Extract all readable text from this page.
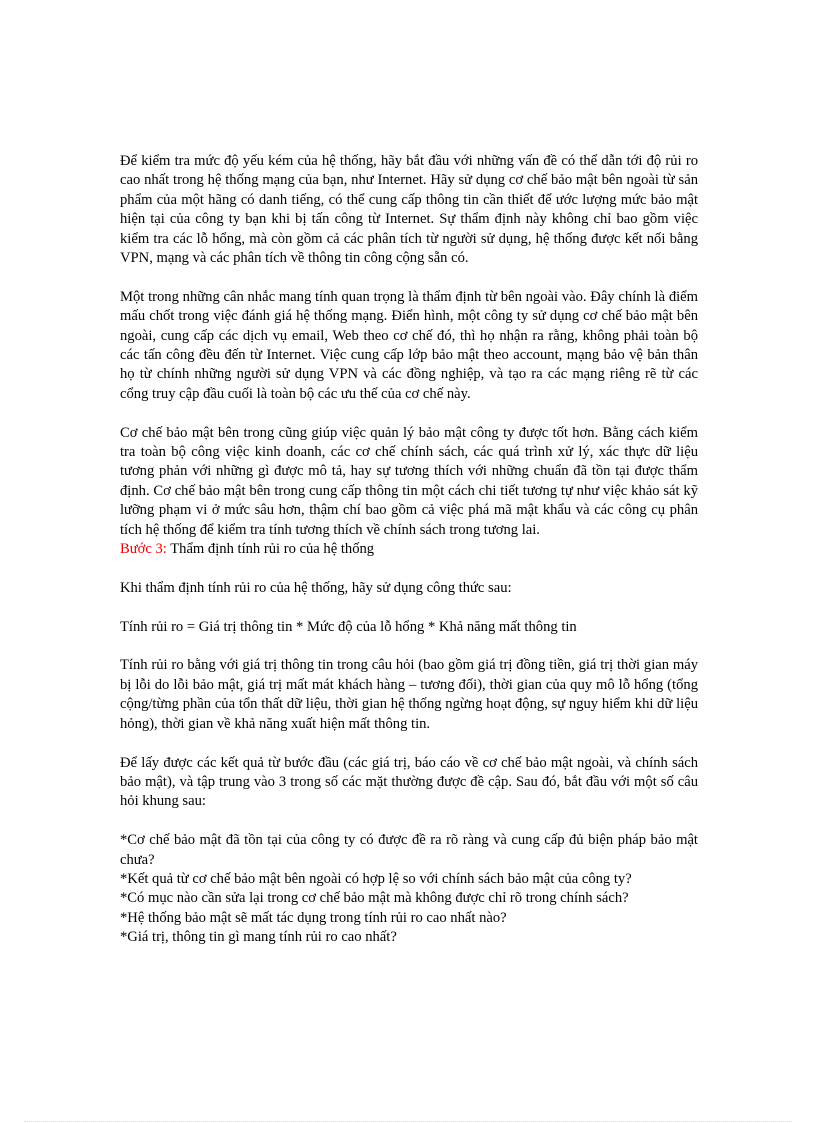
Để kiểm tra mức độ yếu kém của hệ thống, hãy bắt đầu với những vấn đề có thể dẫn tới độ rủi ro cao nhất trong hệ thống mạng của bạn, như Internet. Hãy sử dụng cơ chế bảo mật bên ngoài từ sản phẩm của một hãng có danh tiếng, có thể cung cấp thông tin cần thiết để ước lượng mức bảo mật hiện tại của công ty bạn khi bị tấn công từ Internet. Sự thẩm định này không chỉ bao gồm việc kiểm tra các lỗ hổng, mà còn gồm cả các phân tích từ người sử dụng, hệ thống được kết nối bằng VPN, mạng và các phân tích về thông tin công cộng sẵn có.

Một trong những cân nhắc mang tính quan trọng là thẩm định từ bên ngoài vào. Đây chính là điểm mấu chốt trong việc đánh giá hệ thống mạng. Điển hình, một công ty sử dụng cơ chế bảo mật bên ngoài, cung cấp các dịch vụ email, Web theo cơ chế đó, thì họ nhận ra rằng, không phải toàn bộ các tấn công đều đến từ Internet. Việc cung cấp lớp bảo mật theo account, mạng bảo vệ bản thân họ từ chính những người sử dụng VPN và các đồng nghiệp, và tạo ra các mạng riêng rẽ từ các cổng truy cập đầu cuối là toàn bộ các ưu thế của cơ chế này.

Cơ chế bảo mật bên trong cũng giúp việc quản lý bảo mật công ty được tốt hơn. Bằng cách kiểm tra toàn bộ công việc kinh doanh, các cơ chế chính sách, các quá trình xử lý, xác thực dữ liệu tương phản với những gì được mô tả, hay sự tương thích với những chuẩn đã tồn tại được thẩm định. Cơ chế bảo mật bên trong cung cấp thông tin một cách chi tiết tương tự như việc khảo sát kỹ lưỡng phạm vi ở mức sâu hơn, thậm chí bao gồm cả việc phá mã mật khẩu và các công cụ phân tích hệ thống để kiểm tra tính tương thích về chính sách trong tương lai.

Bước 3: Thẩm định tính rủi ro của hệ thống

Khi thẩm định tính rủi ro của hệ thống, hãy sử dụng công thức sau:

Tính rủi ro = Giá trị thông tin * Mức độ của lỗ hổng * Khả năng mất thông tin

Tính rủi ro bằng với giá trị thông tin trong câu hỏi (bao gồm giá trị đồng tiền, giá trị thời gian máy bị lỗi do lỗi bảo mật, giá trị mất mát khách hàng – tương đối), thời gian của quy mô lỗ hổng (tổng cộng/từng phần của tổn thất dữ liệu, thời gian hệ thống ngừng hoạt động, sự nguy hiểm khi dữ liệu hỏng), thời gian về khả năng xuất hiện mất thông tin.

Để lấy được các kết quả từ bước đầu (các giá trị, báo cáo về cơ chế bảo mật ngoài, và chính sách bảo mật), và tập trung vào 3 trong số các mặt thường được đề cập. Sau đó, bắt đầu với một số câu hỏi khung sau:

*Cơ chế bảo mật đã tồn tại của công ty có được đề ra rõ ràng và cung cấp đủ biện pháp bảo mật chưa?
*Kết quả từ cơ chế bảo mật bên ngoài có hợp lệ so với chính sách bảo mật của công ty?
*Có mục nào cần sửa lại trong cơ chế bảo mật mà không được chỉ rõ trong chính sách?
*Hệ thống bảo mật sẽ mất tác dụng trong tính rủi ro cao nhất nào?
*Giá trị, thông tin gì mang tính rủi ro cao nhất?
